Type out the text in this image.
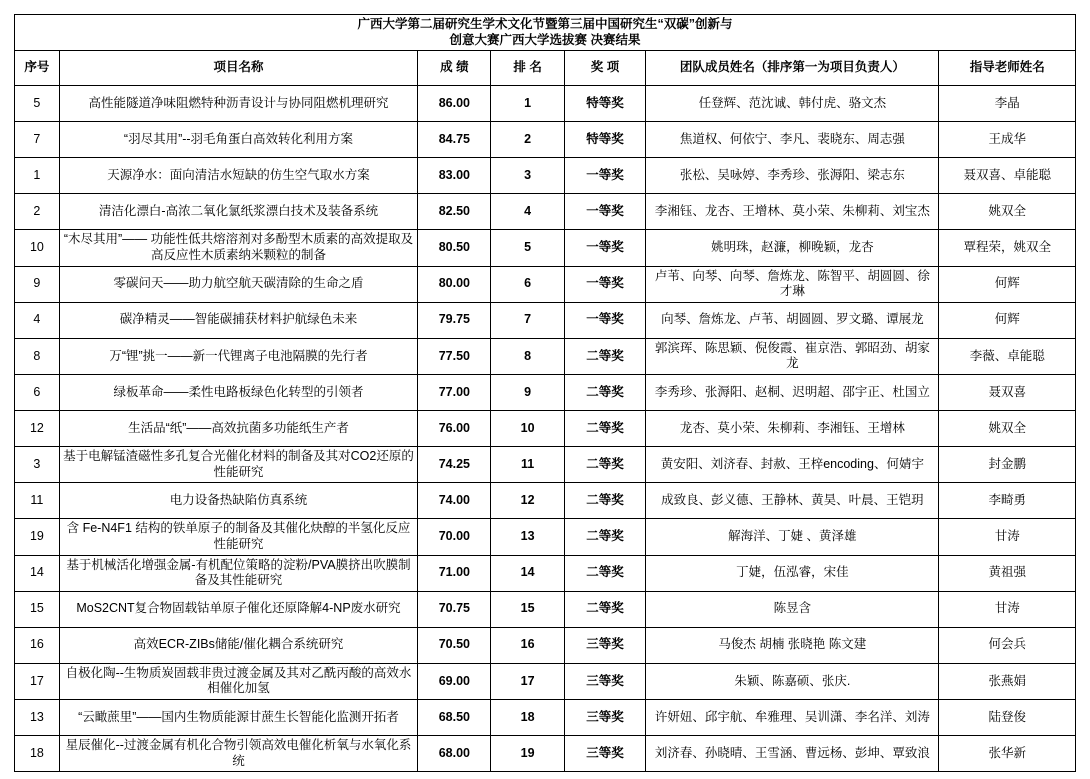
广西大学第二届研究生学术文化节暨第三届中国研究生“双碳”创新与
创意大赛广西大学选拔赛 决赛结果						

序号	项目名称	成 绩	排 名	奖 项	团队成员姓名（排序第一为项目负责人）	指导老师姓名
5	高性能隧道净味阻燃特种沥青设计与协同阻燃机理研究	86.00	1	特等奖	任登辉、范沈诚、韩付虎、骆文杰	李晶
7	“羽尽其用”--羽毛角蛋白高效转化利用方案	84.75	2	特等奖	焦道权、何依宁、李凡、裴晓东、周志强	王成华
1	天源净水：面向清洁水短缺的仿生空气取水方案	83.00	3	一等奖	张松、吴咏婷、李秀珍、张溽阳、梁志东	聂双喜、卓能聪
2	清洁化漂白-高浓二氧化氯纸浆漂白技术及装备系统	82.50	4	一等奖	李湘钰、龙杏、王增林、莫小荣、朱柳莉、刘宝杰	姚双全
10	“木尽其用”—— 功能性低共熔溶剂对多酚型木质素的高效提取及高反应性木质素纳米颗粒的制备	80.50	5	一等奖	姚明珠，赵濂，柳晚颖，龙杏	覃程荣，姚双全
9	零碳问天——助力航空航天碳清除的生命之盾	80.00	6	一等奖	卢苇、向琴、向琴、詹炼龙、陈智平、胡圆圆、徐才琳	何辉
4	碳净精灵——智能碳捕获材料护航绿色未来	79.75	7	一等奖	向琴、詹炼龙、卢苇、胡圆圆、罗文璐、谭展龙	何辉
8	万“锂”挑一——新一代锂离子电池隔膜的先行者	77.50	8	二等奖	郭滨珲、陈思颖、倪俊霞、崔京浩、郭昭劲、胡家龙	李薇、卓能聪
6	绿板革命——柔性电路板绿色化转型的引领者	77.00	9	二等奖	李秀珍、张溽阳、赵桐、迟明超、邵宇正、杜国立	聂双喜
12	生活品“纸”——高效抗菌多功能纸生产者	76.00	10	二等奖	龙杏、莫小荣、朱柳莉、李湘钰、王增林	姚双全
3	基于电解锰渣磁性多孔复合光催化材料的制备及其对CO2还原的性能研究	74.25	11	二等奖	黄安阳、刘济春、封赦、王梓encoding、何婧宇	封金鹏
11	电力设备热缺陷仿真系统	74.00	12	二等奖	成致良、彭义德、王静林、黄昊、叶晨、王铠玥	李畸勇
19	含 Fe-N4F1 结构的铁单原子的制备及其催化炔醇的半氢化反应性能研究	70.00	13	二等奖	解海洋、丁婕 、黄泽雄	甘涛
14	基于机械活化增强金属-有机配位策略的淀粉/PVA膜挤出吹膜制备及其性能研究	71.00	14	二等奖	丁婕，伍泓睿，宋佳	黄祖强
15	MoS2CNT复合物固载钴单原子催化还原降解4-NP废水研究	70.75	15	二等奖	陈昱含	甘涛
16	高效ECR-ZIBs储能/催化耦合系统研究	70.50	16	三等奖	马俊杰 胡楠 张晓艳 陈文建	何会兵
17	自极化陶--生物质炭固载非贵过渡金属及其对乙酰丙酸的高效水相催化加氢	69.00	17	三等奖	朱颖、陈嘉硕、张庆.	张燕娟
13	“云瞰蔗里”——国内生物质能源甘蔗生长智能化监测开拓者	68.50	18	三等奖	许妍妞、邱宇航、牟雅理、吴训潇、李名洋、刘涛	陆登俊
18	星辰催化--过渡金属有机化合物引领高效电催化析氧与水氧化系统	68.00	19	三等奖	刘济春、孙晓晴、王雪涵、曹远杨、彭坤、覃致浪	张华新
